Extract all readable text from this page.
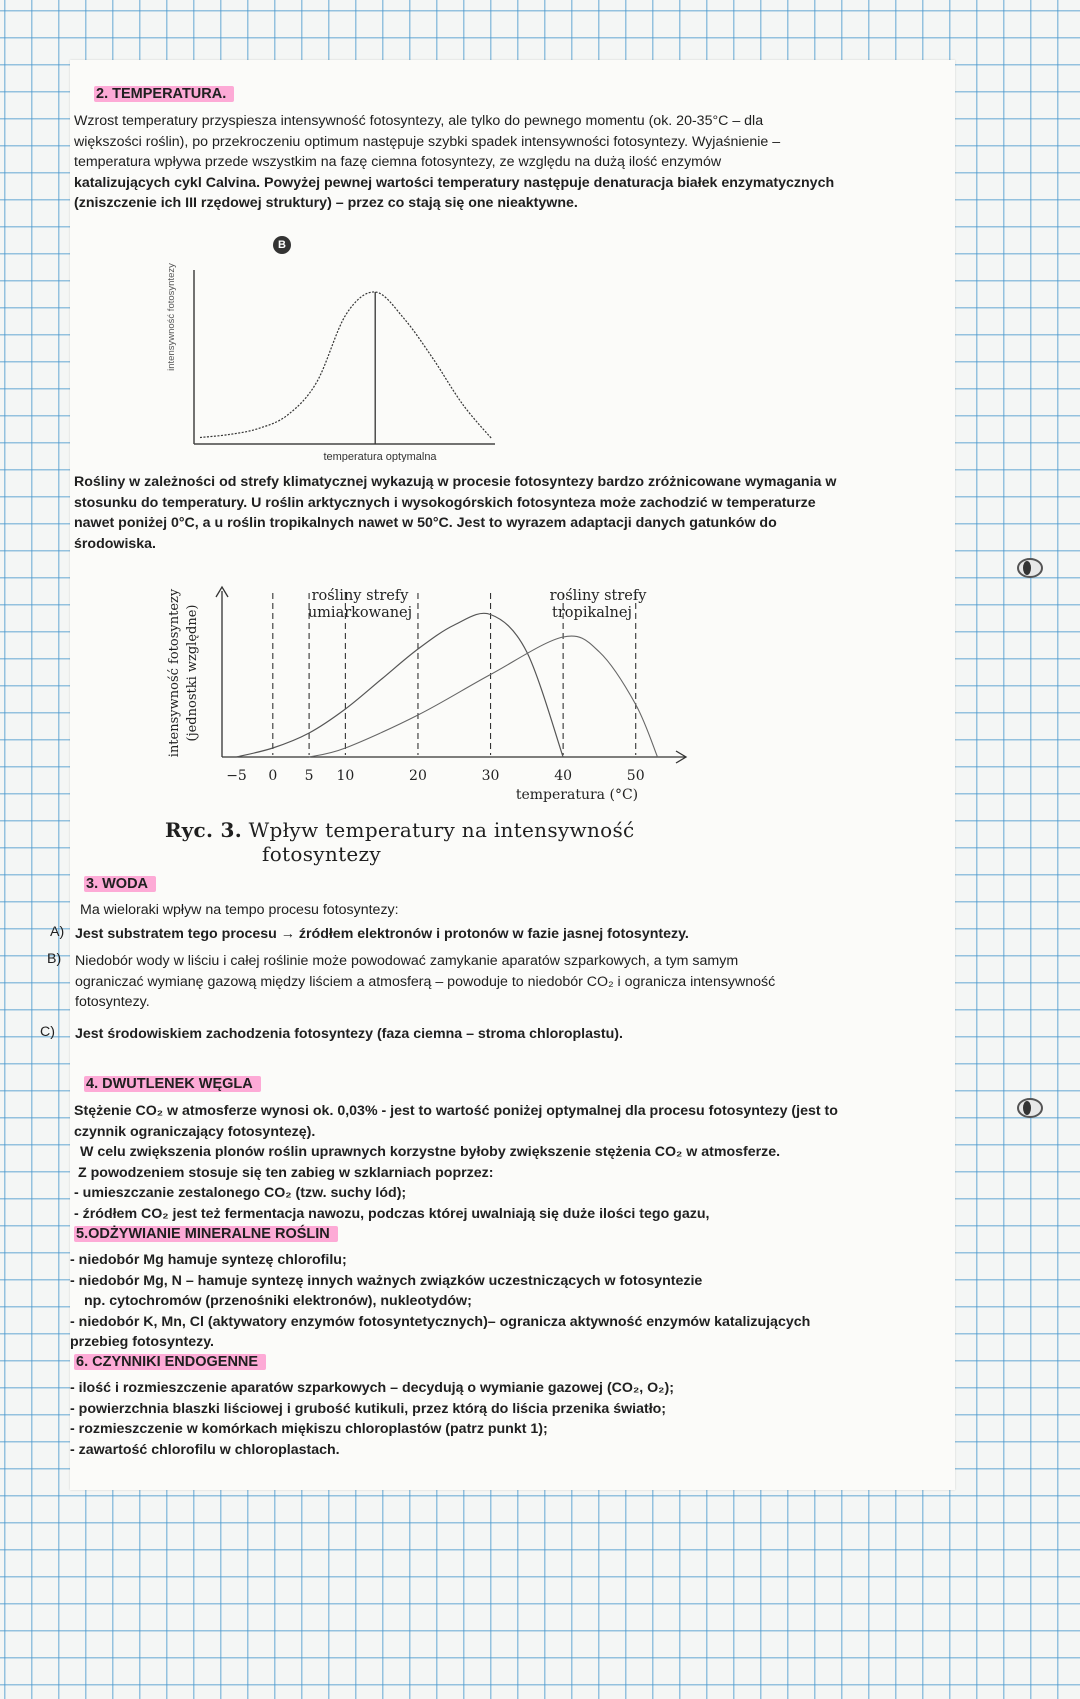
2. TEMPERATURA.
Wzrost temperatury przyspiesza intensywność fotosyntezy, ale tylko do pewnego momentu (ok. 20-35°C – dla
większości roślin), po przekroczeniu optimum następuje szybki spadek intensywności fotosyntezy. Wyjaśnienie –
temperatura wpływa przede wszystkim na fazę ciemna fotosyntezy, ze względu na dużą ilość enzymów
katalizujących cykl Calvina. Powyżej pewnej wartości temperatury następuje denaturacja białek enzymatycznych
(zniszczenie ich III rzędowej struktury) – przez co stają się one nieaktywne.
B
intensywność fotosyntezy
temperatura optymalna
Rośliny w zależności od strefy klimatycznej wykazują w procesie fotosyntezy bardzo zróżnicowane wymagania w
stosunku do temperatury. U roślin arktycznych i wysokogórskich fotosynteza może zachodzić w temperaturze
nawet poniżej 0°C, a u roślin tropikalnych nawet w 50°C. Jest to wyrazem adaptacji danych gatunków do
środowiska.
intensywność fotosyntezy (jednostki względne)
−5 0 5 10	20	30	40	50
rośliny strefy
umiarkowanej
rośliny strefy
tropikalnej
temperatura (°C)
Ryc. 3. Wpływ temperatury na intensywność
fotosyntezy
3. WODA
Ma wieloraki wpływ na tempo procesu fotosyntezy:
A) Jest substratem tego procesu → źródłem elektronów i protonów w fazie jasnej fotosyntezy.
B) Niedobór wody w liściu i całej roślinie może powodować zamykanie aparatów szparkowych, a tym samym
ograniczać wymianę gazową między liściem a atmosferą – powoduje to niedobór CO₂ i ogranicza intensywność
fotosyntezy.
C) Jest środowiskiem zachodzenia fotosyntezy (faza ciemna – stroma chloroplastu).
4. DWUTLENEK WĘGLA
Stężenie CO₂ w atmosferze wynosi ok. 0,03% - jest to wartość poniżej optymalnej dla procesu fotosyntezy (jest to
czynnik ograniczający fotosyntezę).
W celu zwiększenia plonów roślin uprawnych korzystne byłoby zwiększenie stężenia CO₂ w atmosferze.
Z powodzeniem stosuje się ten zabieg w szklarniach poprzez:
- umieszczanie zestalonego CO₂ (tzw. suchy lód);
- źródłem CO₂ jest też fermentacja nawozu, podczas której uwalniają się duże ilości tego gazu,
5.ODŻYWIANIE MINERALNE ROŚLIN
- niedobór Mg hamuje syntezę chlorofilu;
- niedobór Mg, N – hamuje syntezę innych ważnych związków uczestniczących w fotosyntezie
np. cytochromów (przenośniki elektronów), nukleotydów;
- niedobór K, Mn, Cl (aktywatory enzymów fotosyntetycznych)– ogranicza aktywność enzymów katalizujących
przebieg fotosyntezy.
6. CZYNNIKI ENDOGENNE
- ilość i rozmieszczenie aparatów szparkowych – decydują o wymianie gazowej (CO₂, O₂);
- powierzchnia blaszki liściowej i grubość kutikuli, przez którą do liścia przenika światło;
- rozmieszczenie w komórkach miękiszu chloroplastów (patrz punkt 1);
- zawartość chlorofilu w chloroplastach.
